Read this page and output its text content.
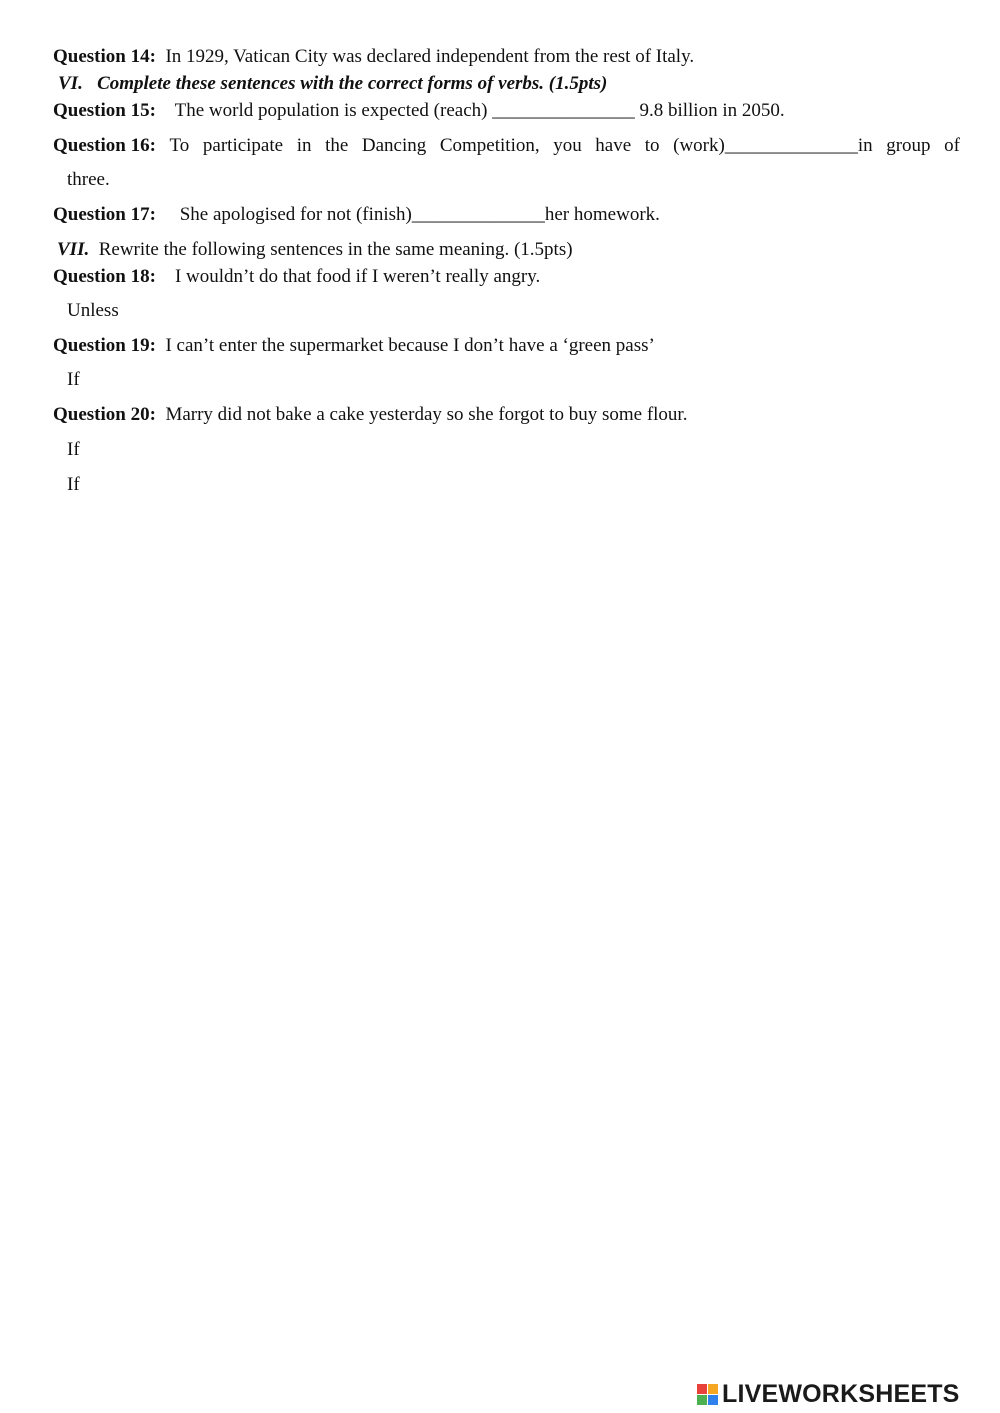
Question 14: In 1929, Vatican City was declared independent from the rest of Italy.
VI. Complete these sentences with the correct forms of verbs. (1.5pts)
Question 15: The world population is expected (reach) _______________ 9.8 billion in 2050.
Question 16: To participate in the Dancing Competition, you have to (work)______________in group of
three.
Question 17: She apologised for not (finish)______________her homework.
VII. Rewrite the following sentences in the same meaning. (1.5pts)
Question 18: I wouldn’t do that food if I weren’t really angry.
Unless
Question 19: I can’t enter the supermarket because I don’t have a ‘green pass’
If
Question 20: Marry did not bake a cake yesterday so she forgot to buy some flour.
If
If
LIVEWORKSHEETS
